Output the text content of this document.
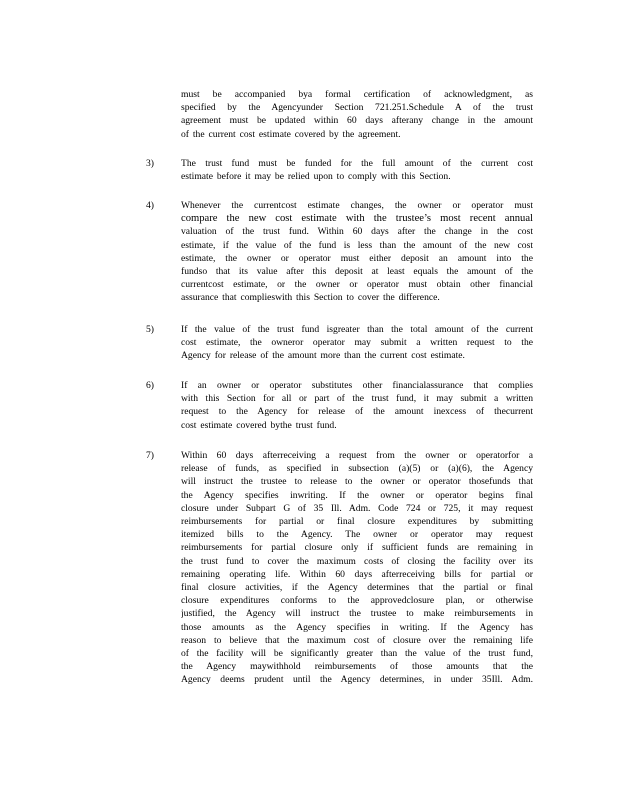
must be accompanied bya formal certification of acknowledgment, as
specified by the Agencyunder Section 721.251.Schedule A of the trust
agreement must be updated within 60 days afterany change in the amount
of the current cost estimate covered by the agreement.
3)	The trust fund must be funded for the full amount of the current cost
estimate before it may be relied upon to comply with this Section.
4)	Whenever the currentcost estimate changes, the owner or operator must
compare the new cost estimate with the trustee’s most recent annual
valuation of the trust fund. Within 60 days after the change in the cost
estimate, if the value of the fund is less than the amount of the new cost
estimate, the owner or operator must either deposit an amount into the
fundso that its value after this deposit at least equals the amount of the
currentcost estimate, or the owner or operator must obtain other financial
assurance that complieswith this Section to cover the difference.
5)	If the value of the trust fund isgreater than the total amount of the current
cost estimate, the owneror operator may submit a written request to the
Agency for release of the amount more than the current cost estimate.
6)	If an owner or operator substitutes other financialassurance that complies
with this Section for all or part of the trust fund, it may submit a written
request to the Agency for release of the amount inexcess of thecurrent
cost estimate covered bythe trust fund.
7)	Within 60 days afterreceiving a request from the owner or operatorfor a
release of funds, as specified in subsection (a)(5) or (a)(6), the Agency
will instruct the trustee to release to the owner or operator thosefunds that
the Agency specifies inwriting. If the owner or operator begins final
closure under Subpart G of 35 Ill. Adm. Code 724 or 725, it may request
reimbursements for partial or final closure expenditures by submitting
itemized bills to the Agency. The owner or operator may request
reimbursements for partial closure only if sufficient funds are remaining in
the trust fund to cover the maximum costs of closing the facility over its
remaining operating life. Within 60 days afterreceiving bills for partial or
final closure activities, if the Agency determines that the partial or final
closure expenditures conforms to the approvedclosure plan, or otherwise
justified, the Agency will instruct the trustee to make reimbursements in
those amounts as the Agency specifies in writing. If the Agency has
reason to believe that the maximum cost of closure over the remaining life
of the facility will be significantly greater than the value of the trust fund,
the Agency maywithhold reimbursements of those amounts that the
Agency deems prudent until the Agency determines, in under 35Ill. Adm.
